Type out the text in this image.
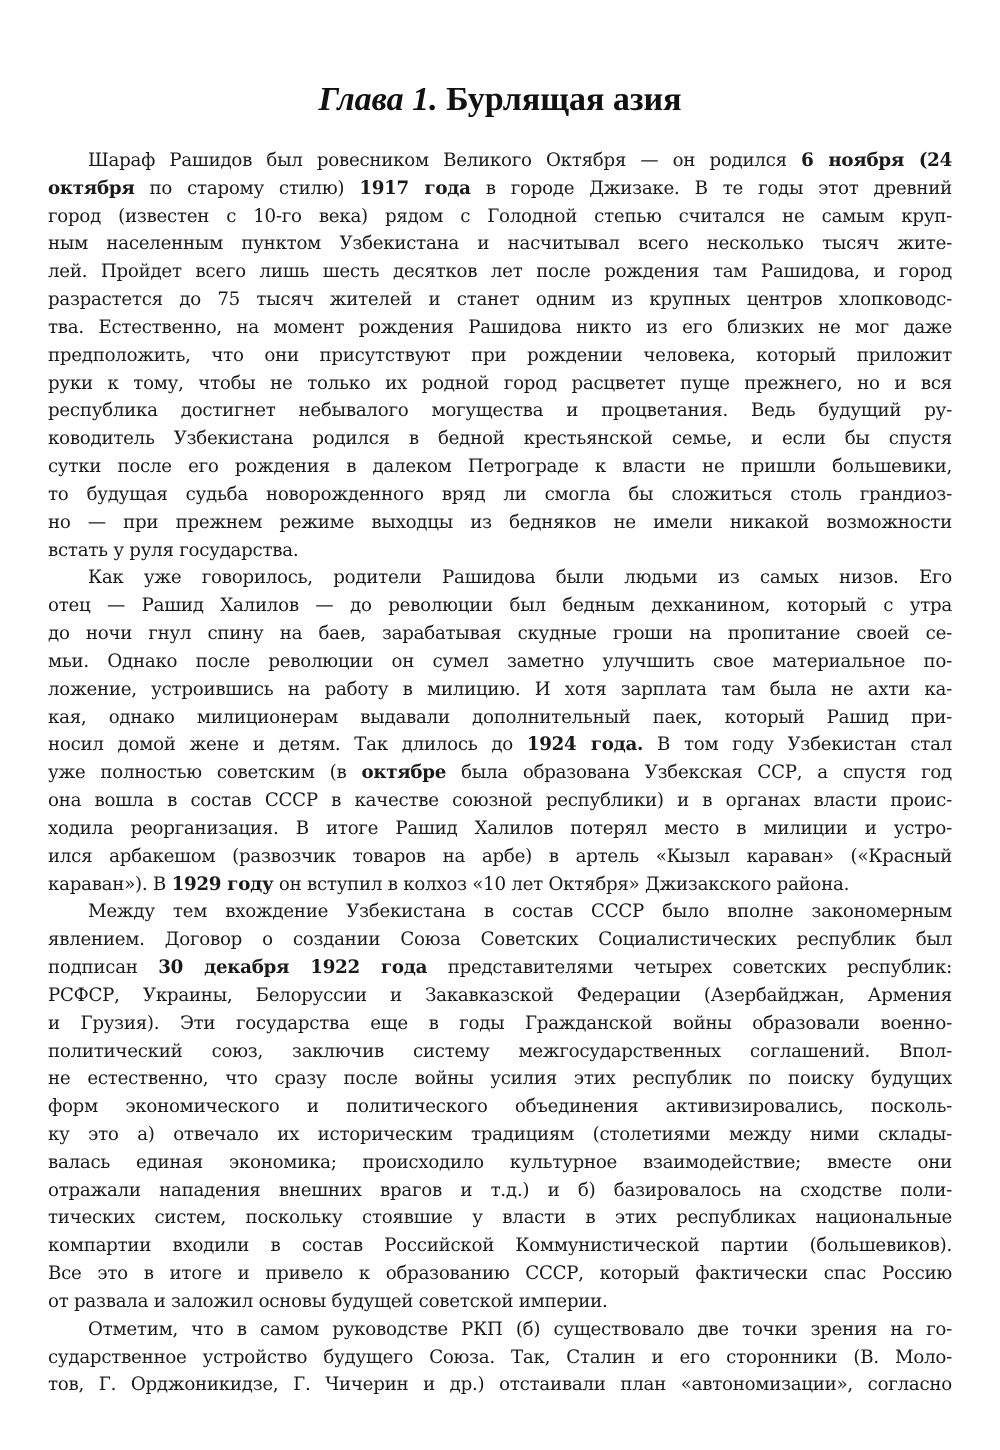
Глава 1. Бурлящая азия
Шараф Рашидов был ровесником Великого Октября — он родился 6 ноября (24
октября по старому стилю) 1917 года в городе Джизаке. В те годы этот древний
город (известен с 10-го века) рядом с Голодной степью считался не самым круп-
ным населенным пунктом Узбекистана и насчитывал всего несколько тысяч жите-
лей. Пройдет всего лишь шесть десятков лет после рождения там Рашидова, и город
разрастется до 75 тысяч жителей и станет одним из крупных центров хлопководс-
тва. Естественно, на момент рождения Рашидова никто из его близких не мог даже
предположить, что они присутствуют при рождении человека, который приложит
руки к тому, чтобы не только их родной город расцветет пуще прежнего, но и вся
республика достигнет небывалого могущества и процветания. Ведь будущий ру-
ководитель Узбекистана родился в бедной крестьянской семье, и если бы спустя
сутки после его рождения в далеком Петрограде к власти не пришли большевики,
то будущая судьба новорожденного вряд ли смогла бы сложиться столь грандиоз-
но — при прежнем режиме выходцы из бедняков не имели никакой возможности
встать у руля государства.
Как уже говорилось, родители Рашидова были людьми из самых низов. Его
отец — Рашид Халилов — до революции был бедным дехканином, который с утра
до ночи гнул спину на баев, зарабатывая скудные гроши на пропитание своей се-
мьи. Однако после революции он сумел заметно улучшить свое материальное по-
ложение, устроившись на работу в милицию. И хотя зарплата там была не ахти ка-
кая, однако милиционерам выдавали дополнительный паек, который Рашид при-
носил домой жене и детям. Так длилось до 1924 года. В том году Узбекистан стал
уже полностью советским (в октябре была образована Узбекская ССР, а спустя год
она вошла в состав СССР в качестве союзной республики) и в органах власти проис-
ходила реорганизация. В итоге Рашид Халилов потерял место в милиции и устро-
ился арбакешом (развозчик товаров на арбе) в артель «Кызыл караван» («Красный
караван»). В 1929 году он вступил в колхоз «10 лет Октября» Джизакского района.
Между тем вхождение Узбекистана в состав СССР было вполне закономерным
явлением. Договор о создании Союза Советских Социалистических республик был
подписан 30 декабря 1922 года представителями четырех советских республик:
РСФСР, Украины, Белоруссии и Закавказской Федерации (Азербайджан, Армения
и Грузия). Эти государства еще в годы Гражданской войны образовали военно-
политический союз, заключив систему межгосударственных соглашений. Впол-
не естественно, что сразу после войны усилия этих республик по поиску будущих
форм экономического и политического объединения активизировались, посколь-
ку это а) отвечало их историческим традициям (столетиями между ними склады-
валась единая экономика; происходило культурное взаимодействие; вместе они
отражали нападения внешних врагов и т.д.) и б) базировалось на сходстве поли-
тических систем, поскольку стоявшие у власти в этих республиках национальные
компартии входили в состав Российской Коммунистической партии (большевиков).
Все это в итоге и привело к образованию СССР, который фактически спас Россию
от развала и заложил основы будущей советской империи.
Отметим, что в самом руководстве РКП (б) существовало две точки зрения на го-
сударственное устройство будущего Союза. Так, Сталин и его сторонники (В. Моло-
тов, Г. Орджоникидзе, Г. Чичерин и др.) отстаивали план «автономизации», согласно
